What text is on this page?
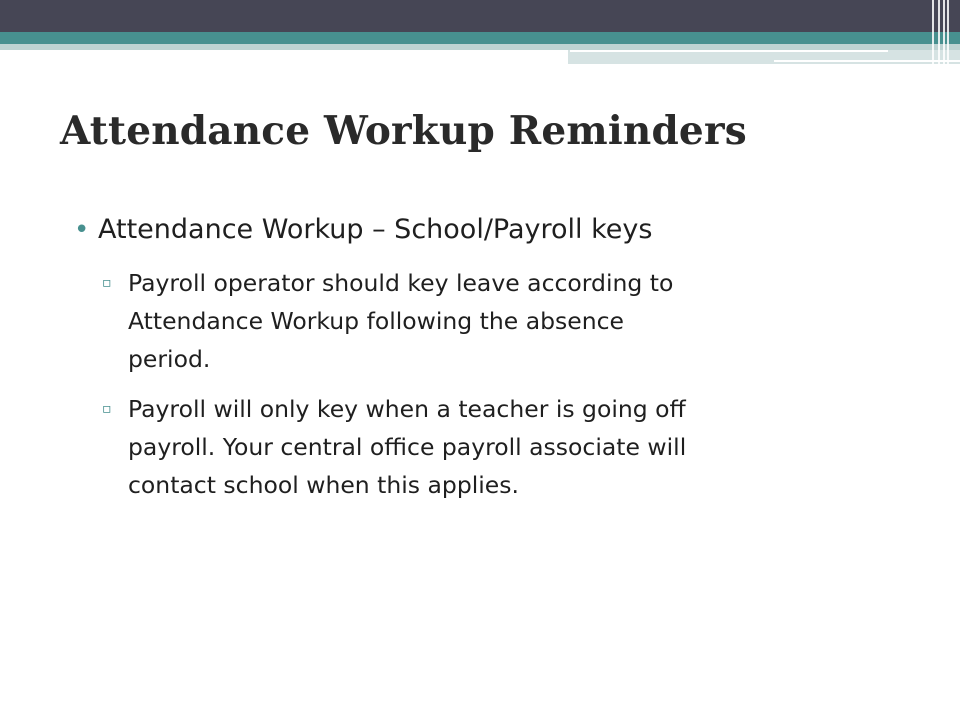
Attendance Workup Reminders
• Attendance Workup – School/Payroll keys
▫ Payroll operator should key leave according to
Attendance Workup following the absence
period.
▫ Payroll will only key when a teacher is going off
payroll. Your central office payroll associate will
contact school when this applies.
